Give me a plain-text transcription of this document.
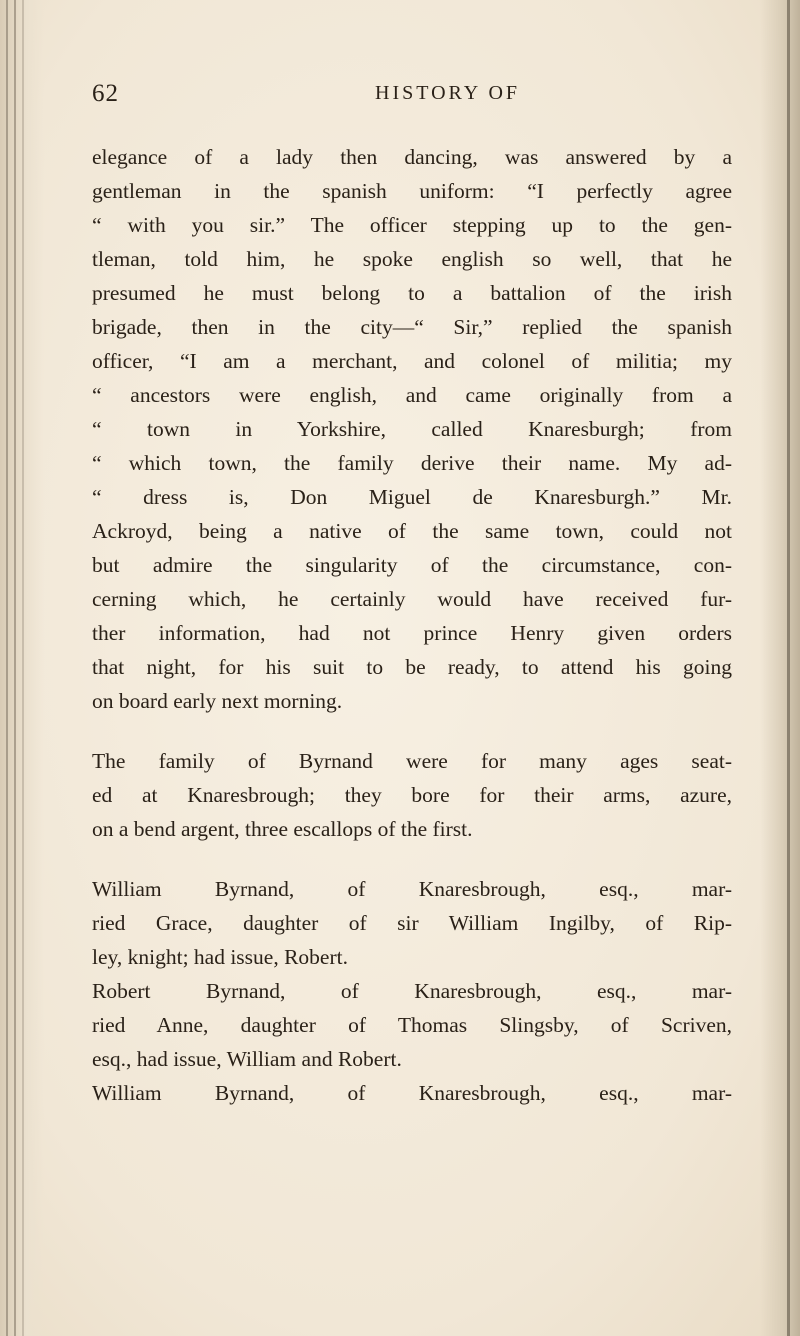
62	HISTORY OF
elegance of a lady then dancing, was answered by a
gentleman in the spanish uniform: “I perfectly agree
“ with you sir.” The officer stepping up to the gen-
tleman, told him, he spoke english so well, that he
presumed he must belong to a battalion of the irish
brigade, then in the city—“ Sir,” replied the spanish
officer, “I am a merchant, and colonel of militia; my
“ ancestors were english, and came originally from a
“ town in Yorkshire, called Knaresburgh; from
“ which town, the family derive their name. My ad-
“ dress is, Don Miguel de Knaresburgh.” Mr.
Ackroyd, being a native of the same town, could not
but admire the singularity of the circumstance, con-
cerning which, he certainly would have received fur-
ther information, had not prince Henry given orders
that night, for his suit to be ready, to attend his going
on board early next morning.
The family of Byrnand were for many ages seat-
ed at Knaresbrough; they bore for their arms, azure,
on a bend argent, three escallops of the first.
William Byrnand, of Knaresbrough, esq., mar-
ried Grace, daughter of sir William Ingilby, of Rip-
ley, knight; had issue, Robert.
Robert Byrnand, of Knaresbrough, esq., mar-
ried Anne, daughter of Thomas Slingsby, of Scriven,
esq., had issue, William and Robert.
William Byrnand, of Knaresbrough, esq., mar-
